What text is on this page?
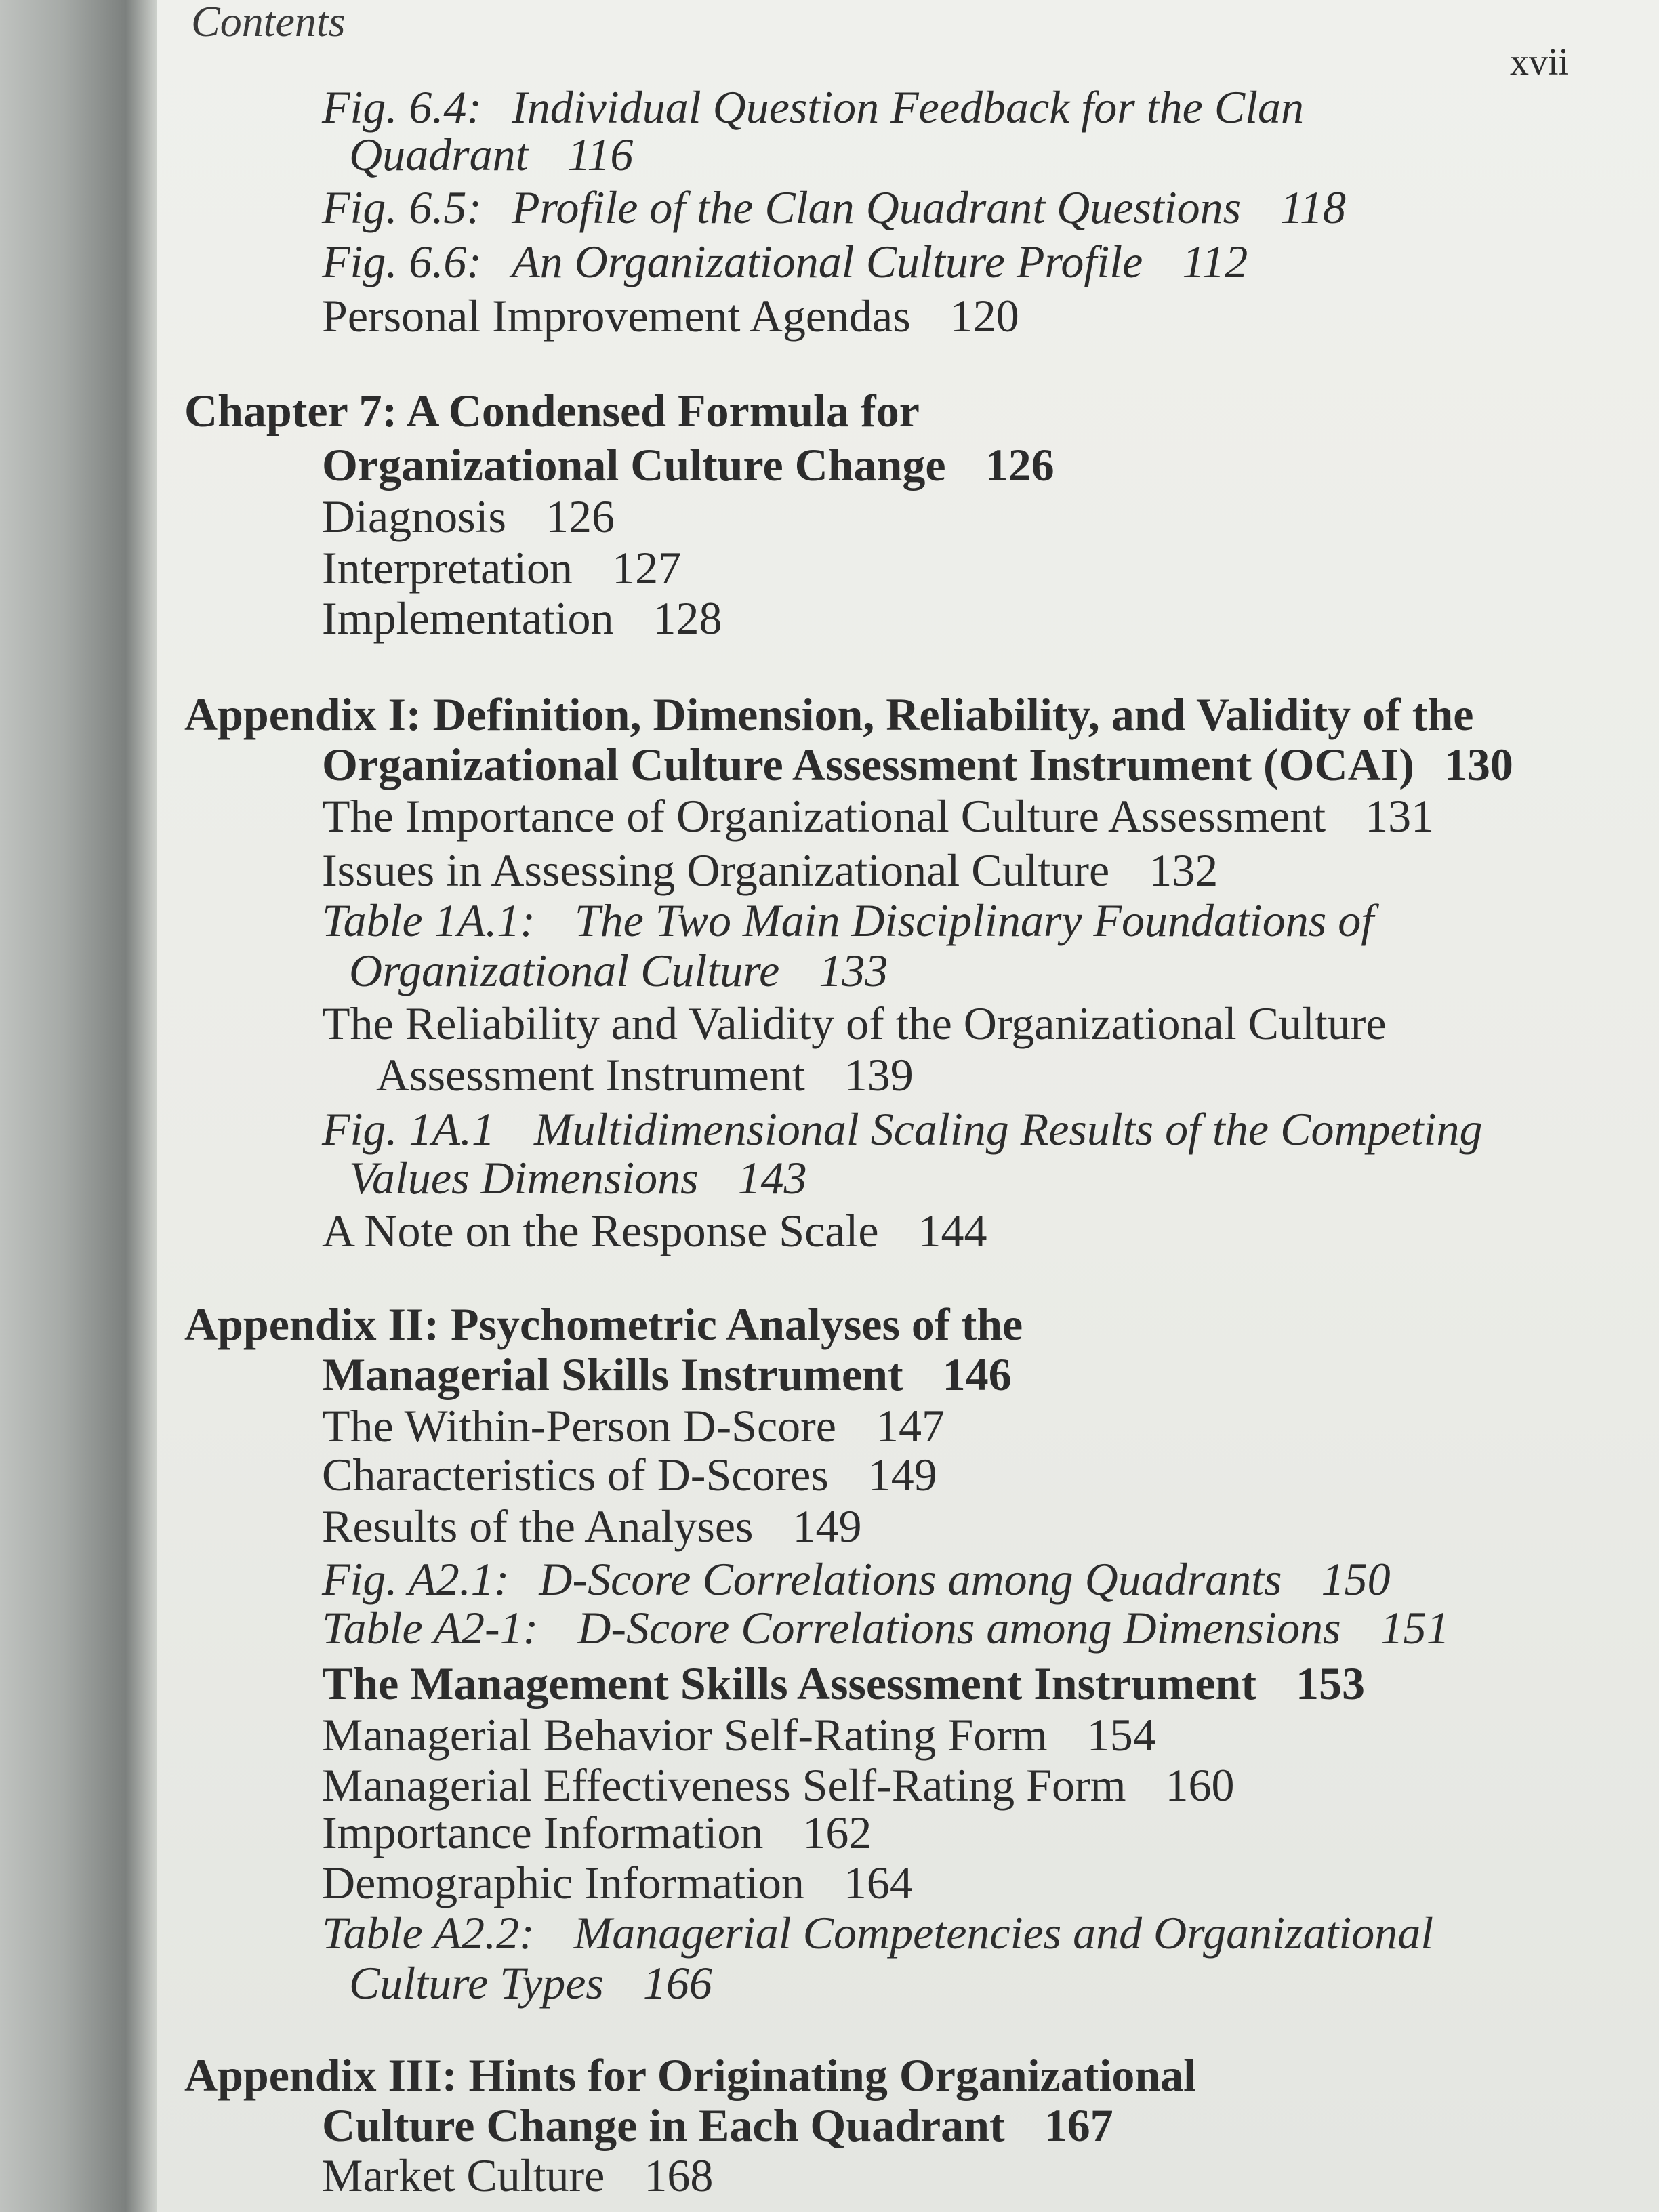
Contents
xvii
Fig. 6.4: Individual Question Feedback for the Clan
Quadrant 116
Fig. 6.5: Profile of the Clan Quadrant Questions 118
Fig. 6.6: An Organizational Culture Profile 112
Personal Improvement Agendas 120
Chapter 7: A Condensed Formula for
Organizational Culture Change 126
Diagnosis 126
Interpretation 127
Implementation 128
Appendix I: Definition, Dimension, Reliability, and Validity of the
Organizational Culture Assessment Instrument (OCAI) 130
The Importance of Organizational Culture Assessment 131
Issues in Assessing Organizational Culture 132
Table 1A.1: The Two Main Disciplinary Foundations of
Organizational Culture 133
The Reliability and Validity of the Organizational Culture
Assessment Instrument 139
Fig. 1A.1 Multidimensional Scaling Results of the Competing
Values Dimensions 143
A Note on the Response Scale 144
Appendix II: Psychometric Analyses of the
Managerial Skills Instrument 146
The Within-Person D-Score 147
Characteristics of D-Scores 149
Results of the Analyses 149
Fig. A2.1: D-Score Correlations among Quadrants 150
Table A2-1: D-Score Correlations among Dimensions 151
The Management Skills Assessment Instrument 153
Managerial Behavior Self-Rating Form 154
Managerial Effectiveness Self-Rating Form 160
Importance Information 162
Demographic Information 164
Table A2.2: Managerial Competencies and Organizational
Culture Types 166
Appendix III: Hints for Originating Organizational
Culture Change in Each Quadrant 167
Market Culture 168
